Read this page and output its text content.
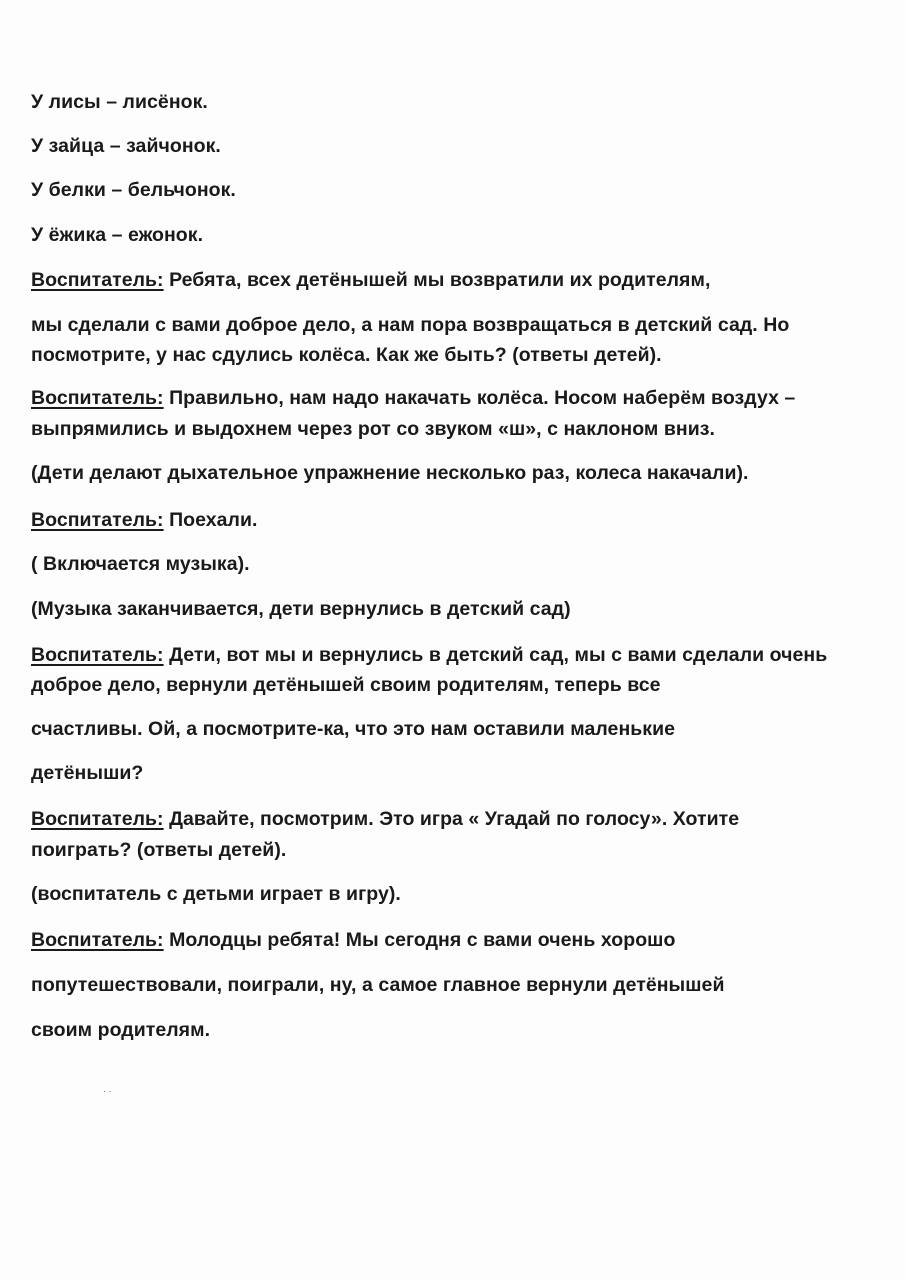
У лисы – лисёнок.
У зайца – зайчонок.
У белки – бельчонок.
У ёжика – ежонок.
Воспитатель: Ребята, всех детёнышей мы возвратили их родителям,
мы сделали с вами доброе дело, а нам пора возвращаться в детский сад. Но
посмотрите, у нас сдулись колёса. Как же быть? (ответы детей).
Воспитатель: Правильно, нам надо накачать колёса. Носом наберём воздух –
выпрямились и выдохнем через рот со звуком «ш», с наклоном вниз.
(Дети делают дыхательное упражнение несколько раз, колеса накачали).
Воспитатель: Поехали.
( Включается музыка).
(Музыка заканчивается, дети вернулись в детский сад)
Воспитатель: Дети, вот мы и вернулись в детский сад, мы с вами сделали очень
доброе дело, вернули детёнышей своим родителям, теперь все
счастливы. Ой, а посмотрите-ка, что это нам оставили маленькие
детёныши?
Воспитатель: Давайте, посмотрим. Это игра « Угадай по голосу». Хотите
поиграть? (ответы детей).
(воспитатель с детьми играет в игру).
Воспитатель: Молодцы ребята! Мы сегодня с вами очень хорошо
попутешествовали, поиграли, ну, а самое главное вернули детёнышей
своим родителям.
· ·
